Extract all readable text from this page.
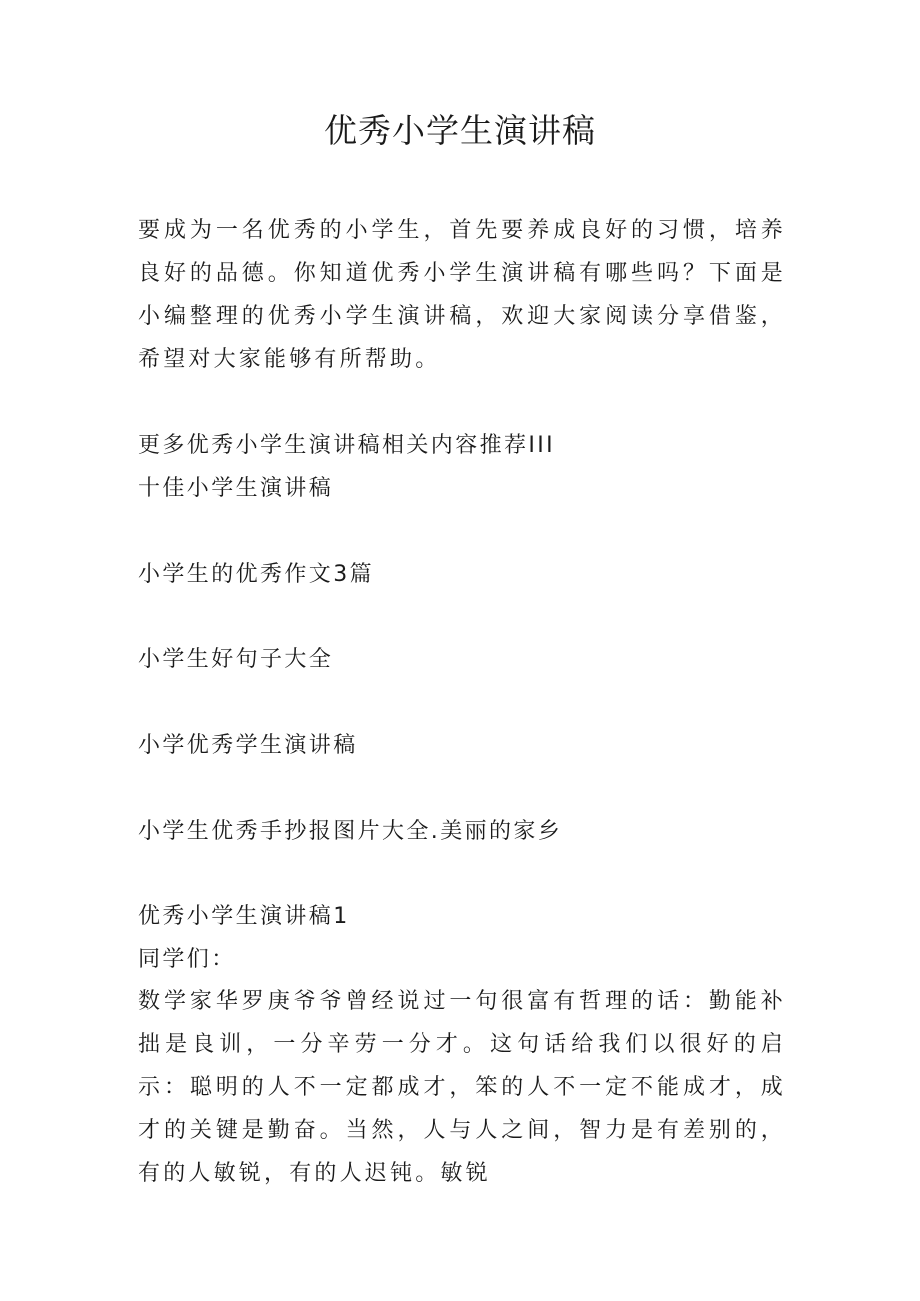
优秀小学生演讲稿

要成为一名优秀的小学生，首先要养成良好的习惯，培养良好的品德。你知道优秀小学生演讲稿有哪些吗？下面是小编整理的优秀小学生演讲稿，欢迎大家阅读分享借鉴，希望对大家能够有所帮助。

更多优秀小学生演讲稿相关内容推荐III

十佳小学生演讲稿

小学生的优秀作文3篇

小学生好句子大全

小学优秀学生演讲稿

小学生优秀手抄报图片大全.美丽的家乡

优秀小学生演讲稿1

同学们：

数学家华罗庚爷爷曾经说过一句很富有哲理的话：勤能补拙是良训，一分辛劳一分才。这句话给我们以很好的启示：聪明的人不一定都成才，笨的人不一定不能成才，成才的关键是勤奋。当然，人与人之间，智力是有差别的，有的人敏锐，有的人迟钝。敏锐
